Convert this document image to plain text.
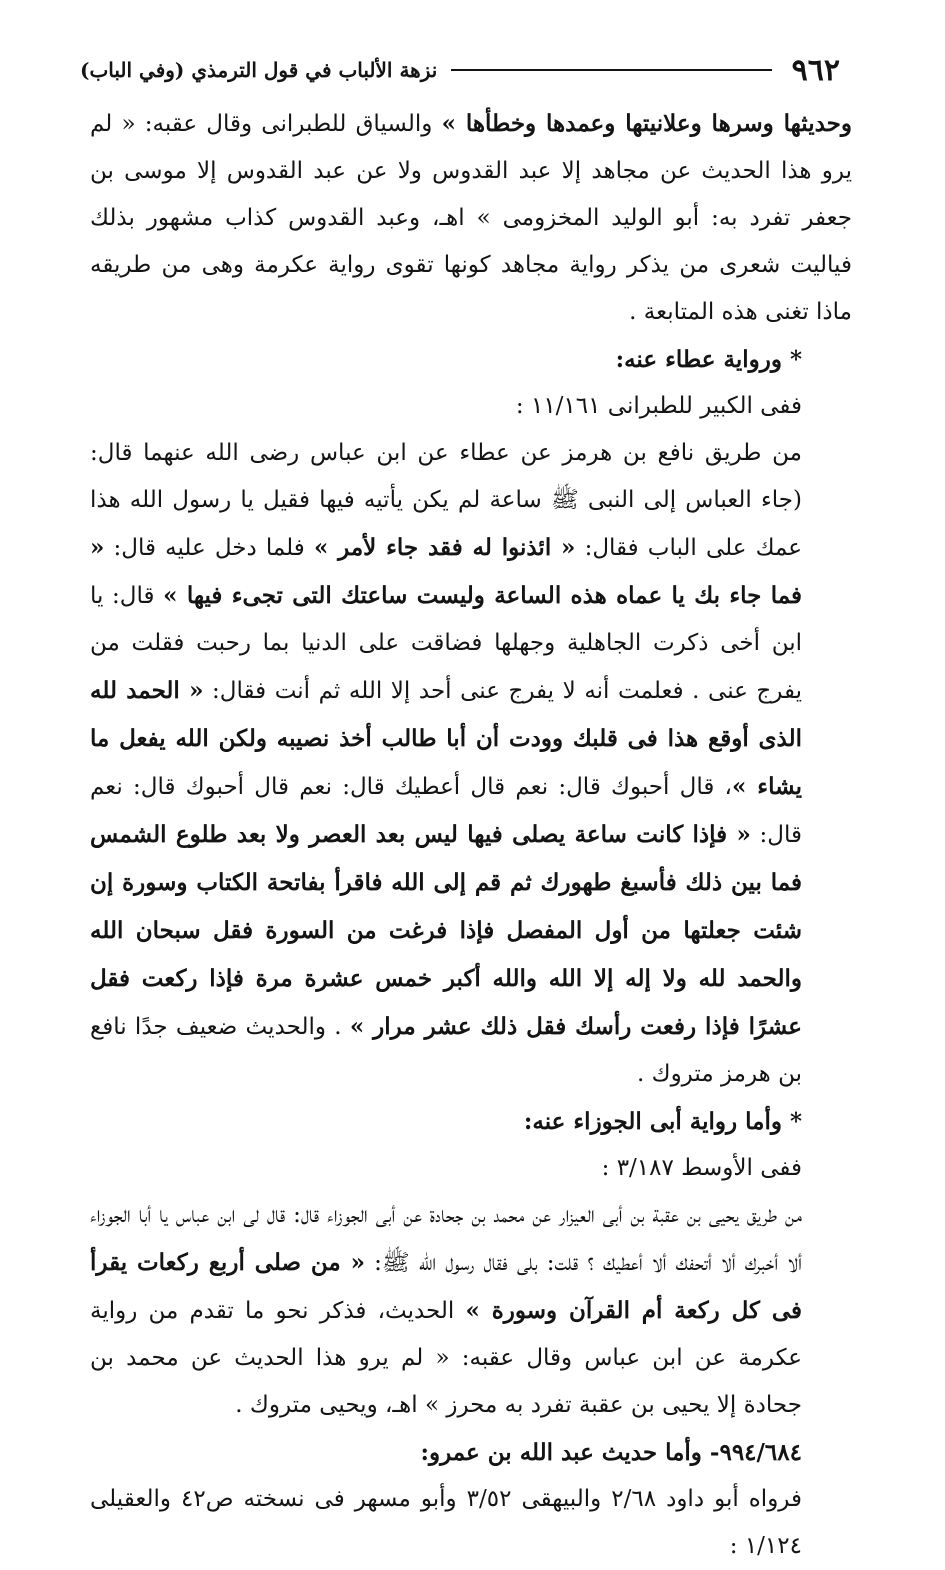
٩٦٢
نزهة الألباب في قول الترمذي (وفي الباب)

وحديثها وسرها وعلانيتها وعمدها وخطأها » والسياق للطبرانى وقال عقبه: « لم يرو هذا الحديث عن مجاهد إلا عبد القدوس ولا عن عبد القدوس إلا موسى بن جعفر تفرد به: أبو الوليد المخزومى » اهـ، وعبد القدوس كذاب مشهور بذلك فياليت شعرى من يذكر رواية مجاهد كونها تقوى رواية عكرمة وهى من طريقه ماذا تغنى هذه المتابعة .

* ورواية عطاء عنه:

ففى الكبير للطبرانى ١١/١٦١ :

من طريق نافع بن هرمز عن عطاء عن ابن عباس رضى الله عنهما قال: (جاء العباس إلى النبى ﷺ ساعة لم يكن يأتيه فيها فقيل يا رسول الله هذا عمك على الباب فقال: « ائذنوا له فقد جاء لأمر » فلما دخل عليه قال: « فما جاء بك يا عماه هذه الساعة وليست ساعتك التى تجىء فيها » قال: يا ابن أخى ذكرت الجاهلية وجهلها فضاقت على الدنيا بما رحبت فقلت من يفرج عنى . فعلمت أنه لا يفرج عنى أحد إلا الله ثم أنت فقال: « الحمد لله الذى أوقع هذا فى قلبك وودت أن أبا طالب أخذ نصيبه ولكن الله يفعل ما يشاء »، قال أحبوك قال: نعم قال أعطيك قال: نعم قال أحبوك قال: نعم قال: « فإذا كانت ساعة يصلى فيها ليس بعد العصر ولا بعد طلوع الشمس فما بين ذلك فأسبغ طهورك ثم قم إلى الله فاقرأ بفاتحة الكتاب وسورة إن شئت جعلتها من أول المفصل فإذا فرغت من السورة فقل سبحان الله والحمد لله ولا إله إلا الله والله أكبر خمس عشرة مرة فإذا ركعت فقل عشرًا فإذا رفعت رأسك فقل ذلك عشر مرار » . والحديث ضعيف جدًا نافع بن هرمز متروك .

* وأما رواية أبى الجوزاء عنه:

ففى الأوسط ٣/١٨٧ :

من طريق يحيى بن عقبة بن أبى العيزار عن محمد بن جحادة عن أبى الجوزاء قال: قال لى ابن عباس يا أبا الجوزاء ألا أخبرك ألا أتحفك ألا أعطيك ؟ قلت: بلى فقال رسول الله ﷺ: « من صلى أربع ركعات يقرأ فى كل ركعة أم القرآن وسورة » الحديث، فذكر نحو ما تقدم من رواية عكرمة عن ابن عباس وقال عقبه: « لم يرو هذا الحديث عن محمد بن جحادة إلا يحيى بن عقبة تفرد به محرز » اهـ، ويحيى متروك .

٩٩٤/٦٨٤- وأما حديث عبد الله بن عمرو:

فرواه أبو داود ٢/٦٨ والبيهقى ٣/٥٢ وأبو مسهر فى نسخته ص٤٢ والعقيلى ١/١٢٤ :
